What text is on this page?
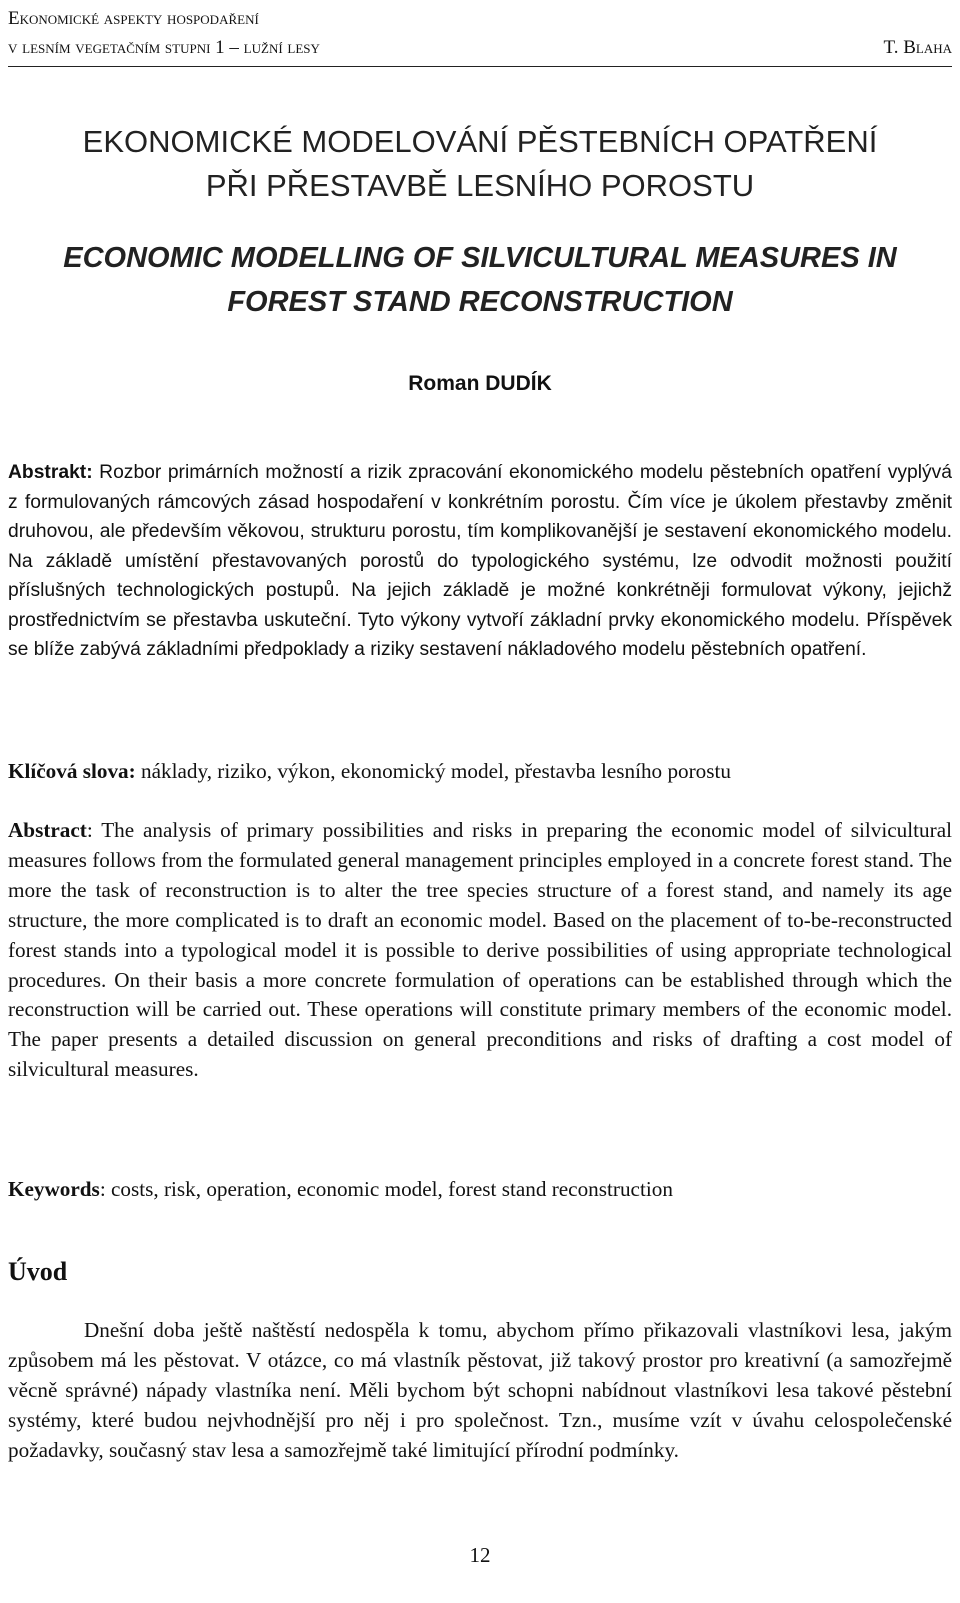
Ekonomické aspekty hospodaření
v lesním vegetačním stupni 1 – lužní lesy	T. Blaha
EKONOMICKÉ MODELOVÁNÍ PĚSTEBNÍCH OPATŘENÍ
PŘI PŘESTAVBĚ LESNÍHO POROSTU
ECONOMIC MODELLING OF SILVICULTURAL MEASURES IN
FOREST STAND RECONSTRUCTION
Roman DUDÍK
Abstrakt: Rozbor primárních možností a rizik zpracování ekonomického modelu pěstebních opatření vyplývá z formulovaných rámcových zásad hospodaření v konkrétním porostu. Čím více je úkolem přestavby změnit druhovou, ale především věkovou, strukturu porostu, tím komplikovanější je sestavení ekonomického modelu. Na základě umístění přestavovaných porostů do typologického systému, lze odvodit možnosti použití příslušných technologických postupů. Na jejich základě je možné konkrétněji formulovat výkony, jejichž prostřednictvím se přestavba uskuteční. Tyto výkony vytvoří základní prvky ekonomického modelu. Příspěvek se blíže zabývá základními předpoklady a riziky sestavení nákladového modelu pěstebních opatření.
Klíčová slova: náklady, riziko, výkon, ekonomický model, přestavba lesního porostu
Abstract: The analysis of primary possibilities and risks in preparing the economic model of silvicultural measures follows from the formulated general management principles employed in a concrete forest stand. The more the task of reconstruction is to alter the tree species structure of a forest stand, and namely its age structure, the more complicated is to draft an economic model. Based on the placement of to-be-reconstructed forest stands into a typological model it is possible to derive possibilities of using appropriate technological procedures. On their basis a more concrete formulation of operations can be established through which the reconstruction will be carried out. These operations will constitute primary members of the economic model. The paper presents a detailed discussion on general preconditions and risks of drafting a cost model of silvicultural measures.
Keywords: costs, risk, operation, economic model, forest stand reconstruction
Úvod
Dnešní doba ještě naštěstí nedospěla k tomu, abychom přímo přikazovali vlastníkovi lesa, jakým způsobem má les pěstovat. V otázce, co má vlastník pěstovat, již takový prostor pro kreativní (a samozřejmě věcně správné) nápady vlastníka není. Měli bychom být schopni nabídnout vlastníkovi lesa takové pěstební systémy, které budou nejvhodnější pro něj i pro společnost. Tzn., musíme vzít v úvahu celospolečenské požadavky, současný stav lesa a samozřejmě také limitující přírodní podmínky.
12
